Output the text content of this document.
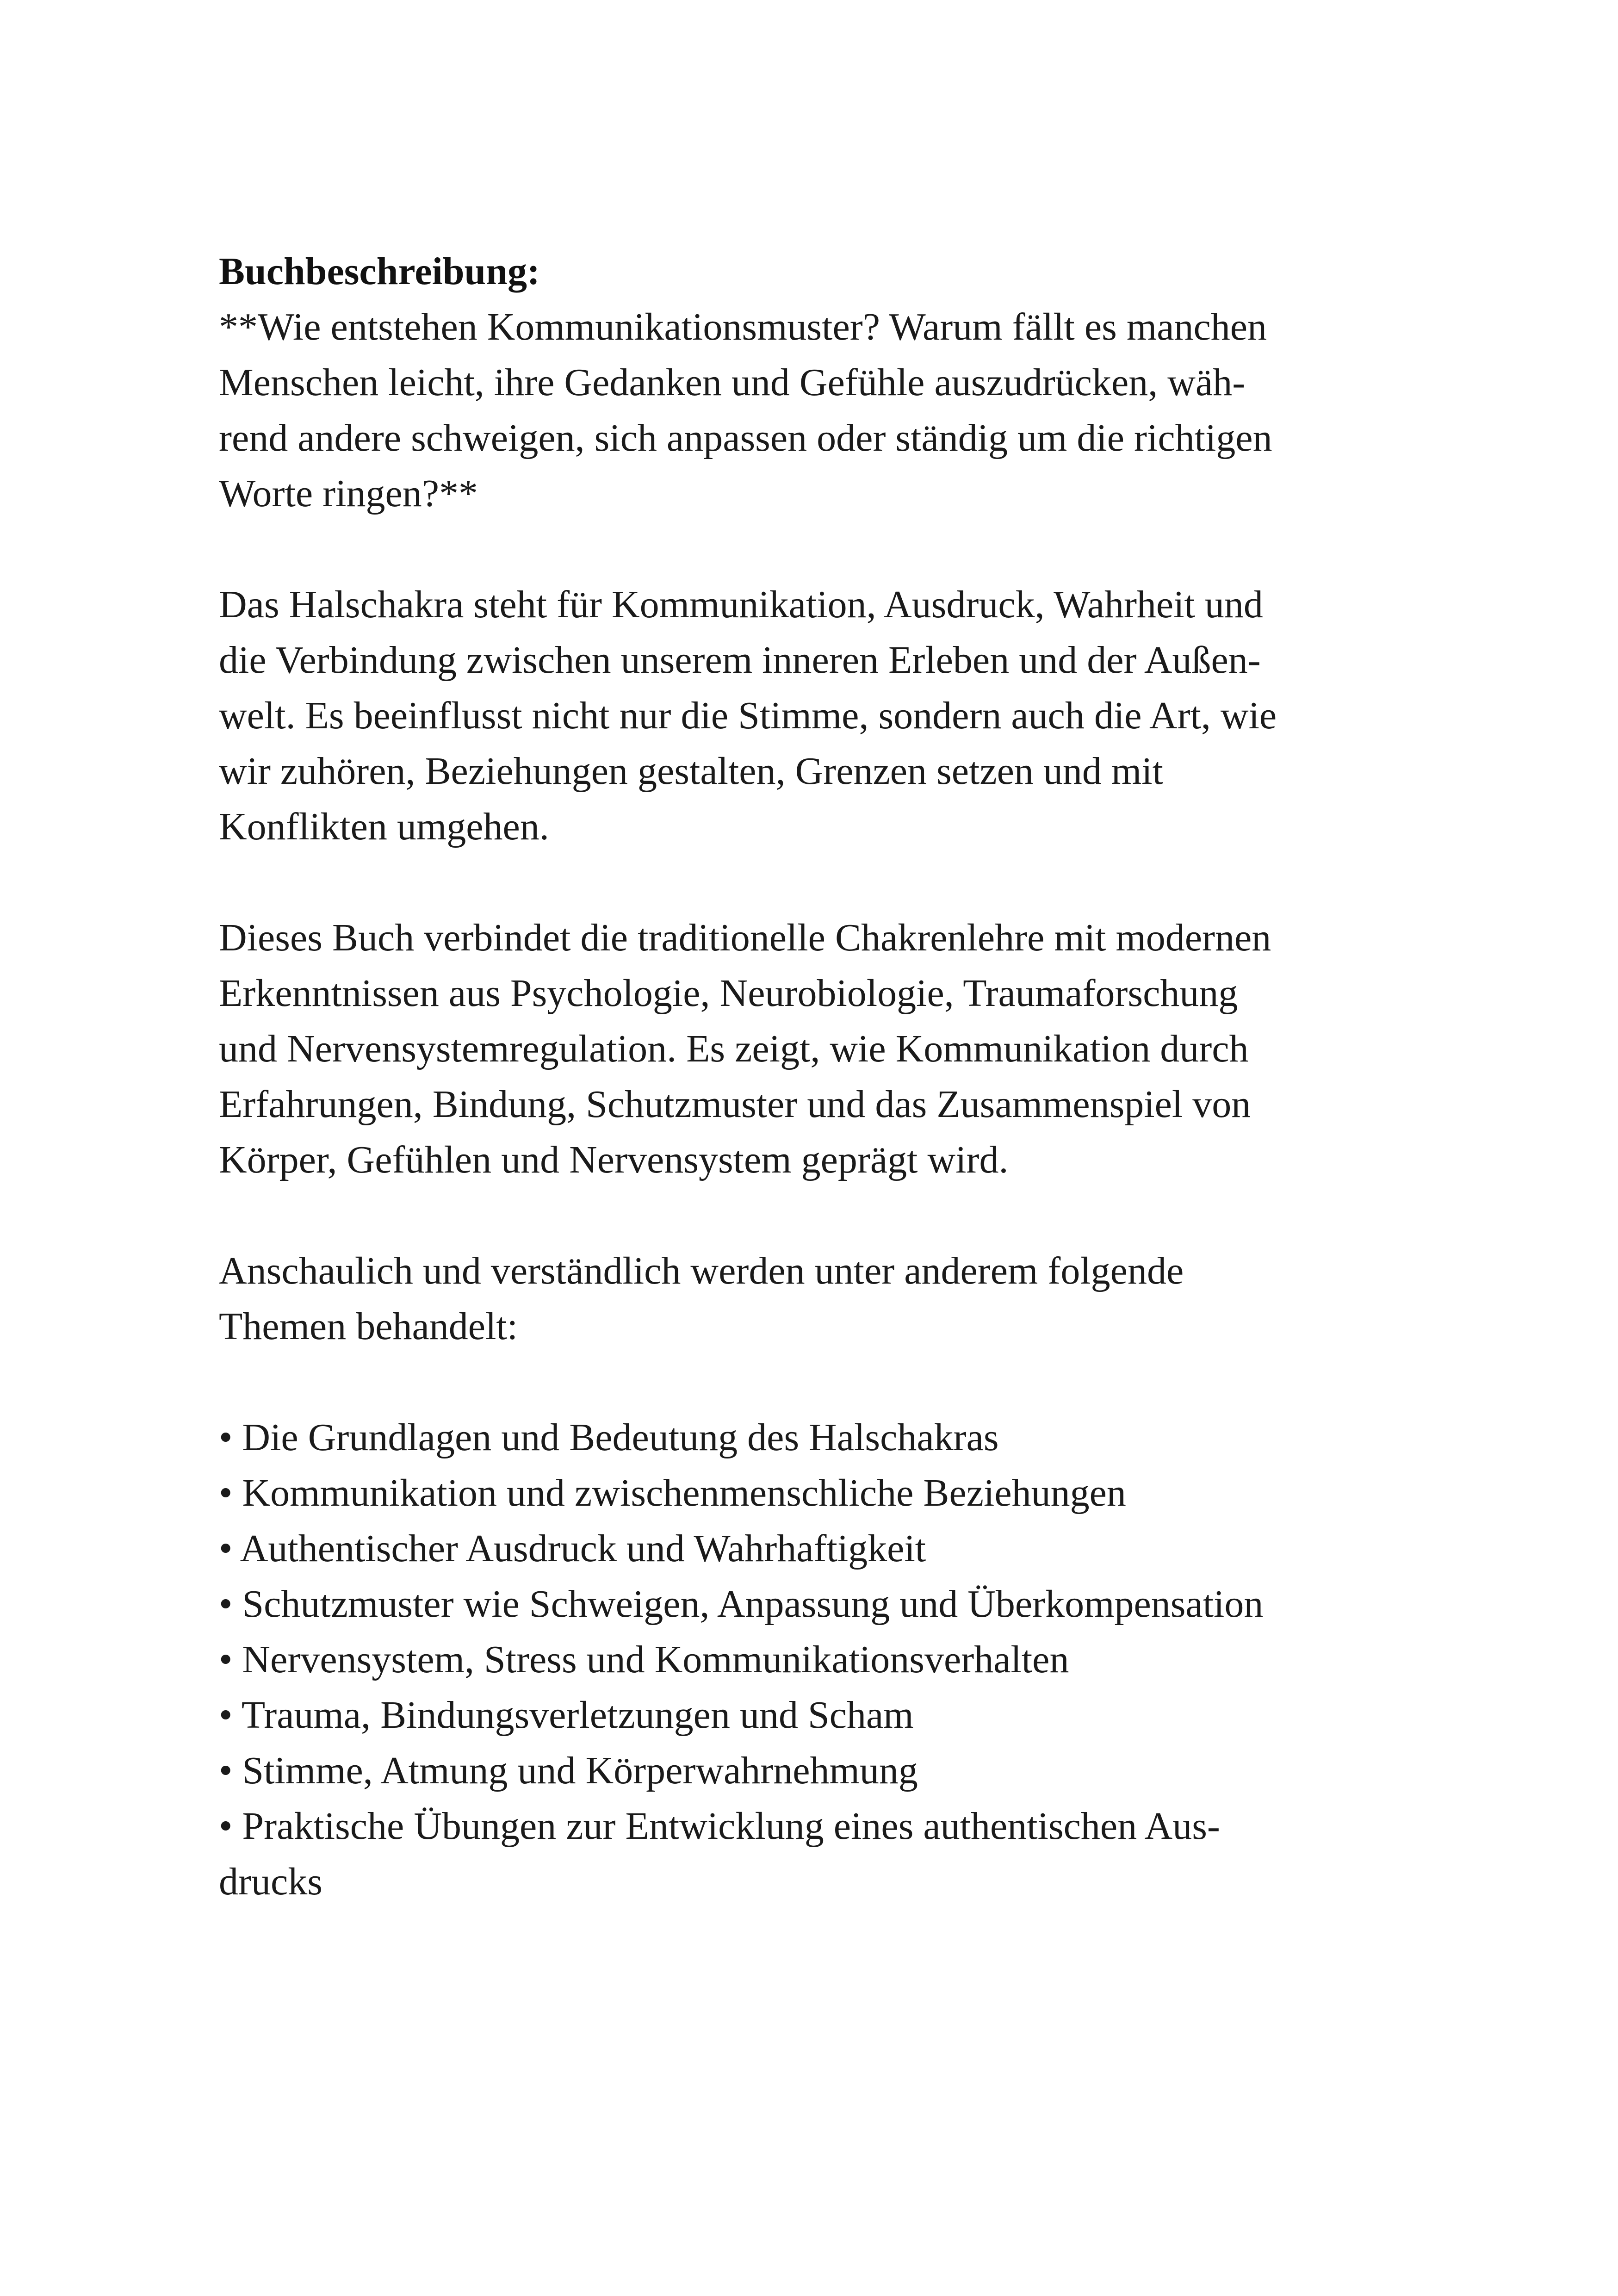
Buchbeschreibung:
**Wie entstehen Kommunikationsmuster? Warum fällt es manchen
Menschen leicht, ihre Gedanken und Gefühle auszudrücken, wäh-
rend andere schweigen, sich anpassen oder ständig um die richtigen
Worte ringen?**
Das Halschakra steht für Kommunikation, Ausdruck, Wahrheit und
die Verbindung zwischen unserem inneren Erleben und der Außen-
welt. Es beeinflusst nicht nur die Stimme, sondern auch die Art, wie
wir zuhören, Beziehungen gestalten, Grenzen setzen und mit
Konflikten umgehen.
Dieses Buch verbindet die traditionelle Chakrenlehre mit modernen
Erkenntnissen aus Psychologie, Neurobiologie, Traumaforschung
und Nervensystemregulation. Es zeigt, wie Kommunikation durch
Erfahrungen, Bindung, Schutzmuster und das Zusammenspiel von
Körper, Gefühlen und Nervensystem geprägt wird.
Anschaulich und verständlich werden unter anderem folgende
Themen behandelt:
• Die Grundlagen und Bedeutung des Halschakras
• Kommunikation und zwischenmenschliche Beziehungen
• Authentischer Ausdruck und Wahrhaftigkeit
• Schutzmuster wie Schweigen, Anpassung und Überkompensation
• Nervensystem, Stress und Kommunikationsverhalten
• Trauma, Bindungsverletzungen und Scham
• Stimme, Atmung und Körperwahrnehmung
• Praktische Übungen zur Entwicklung eines authentischen Aus-
drucks
